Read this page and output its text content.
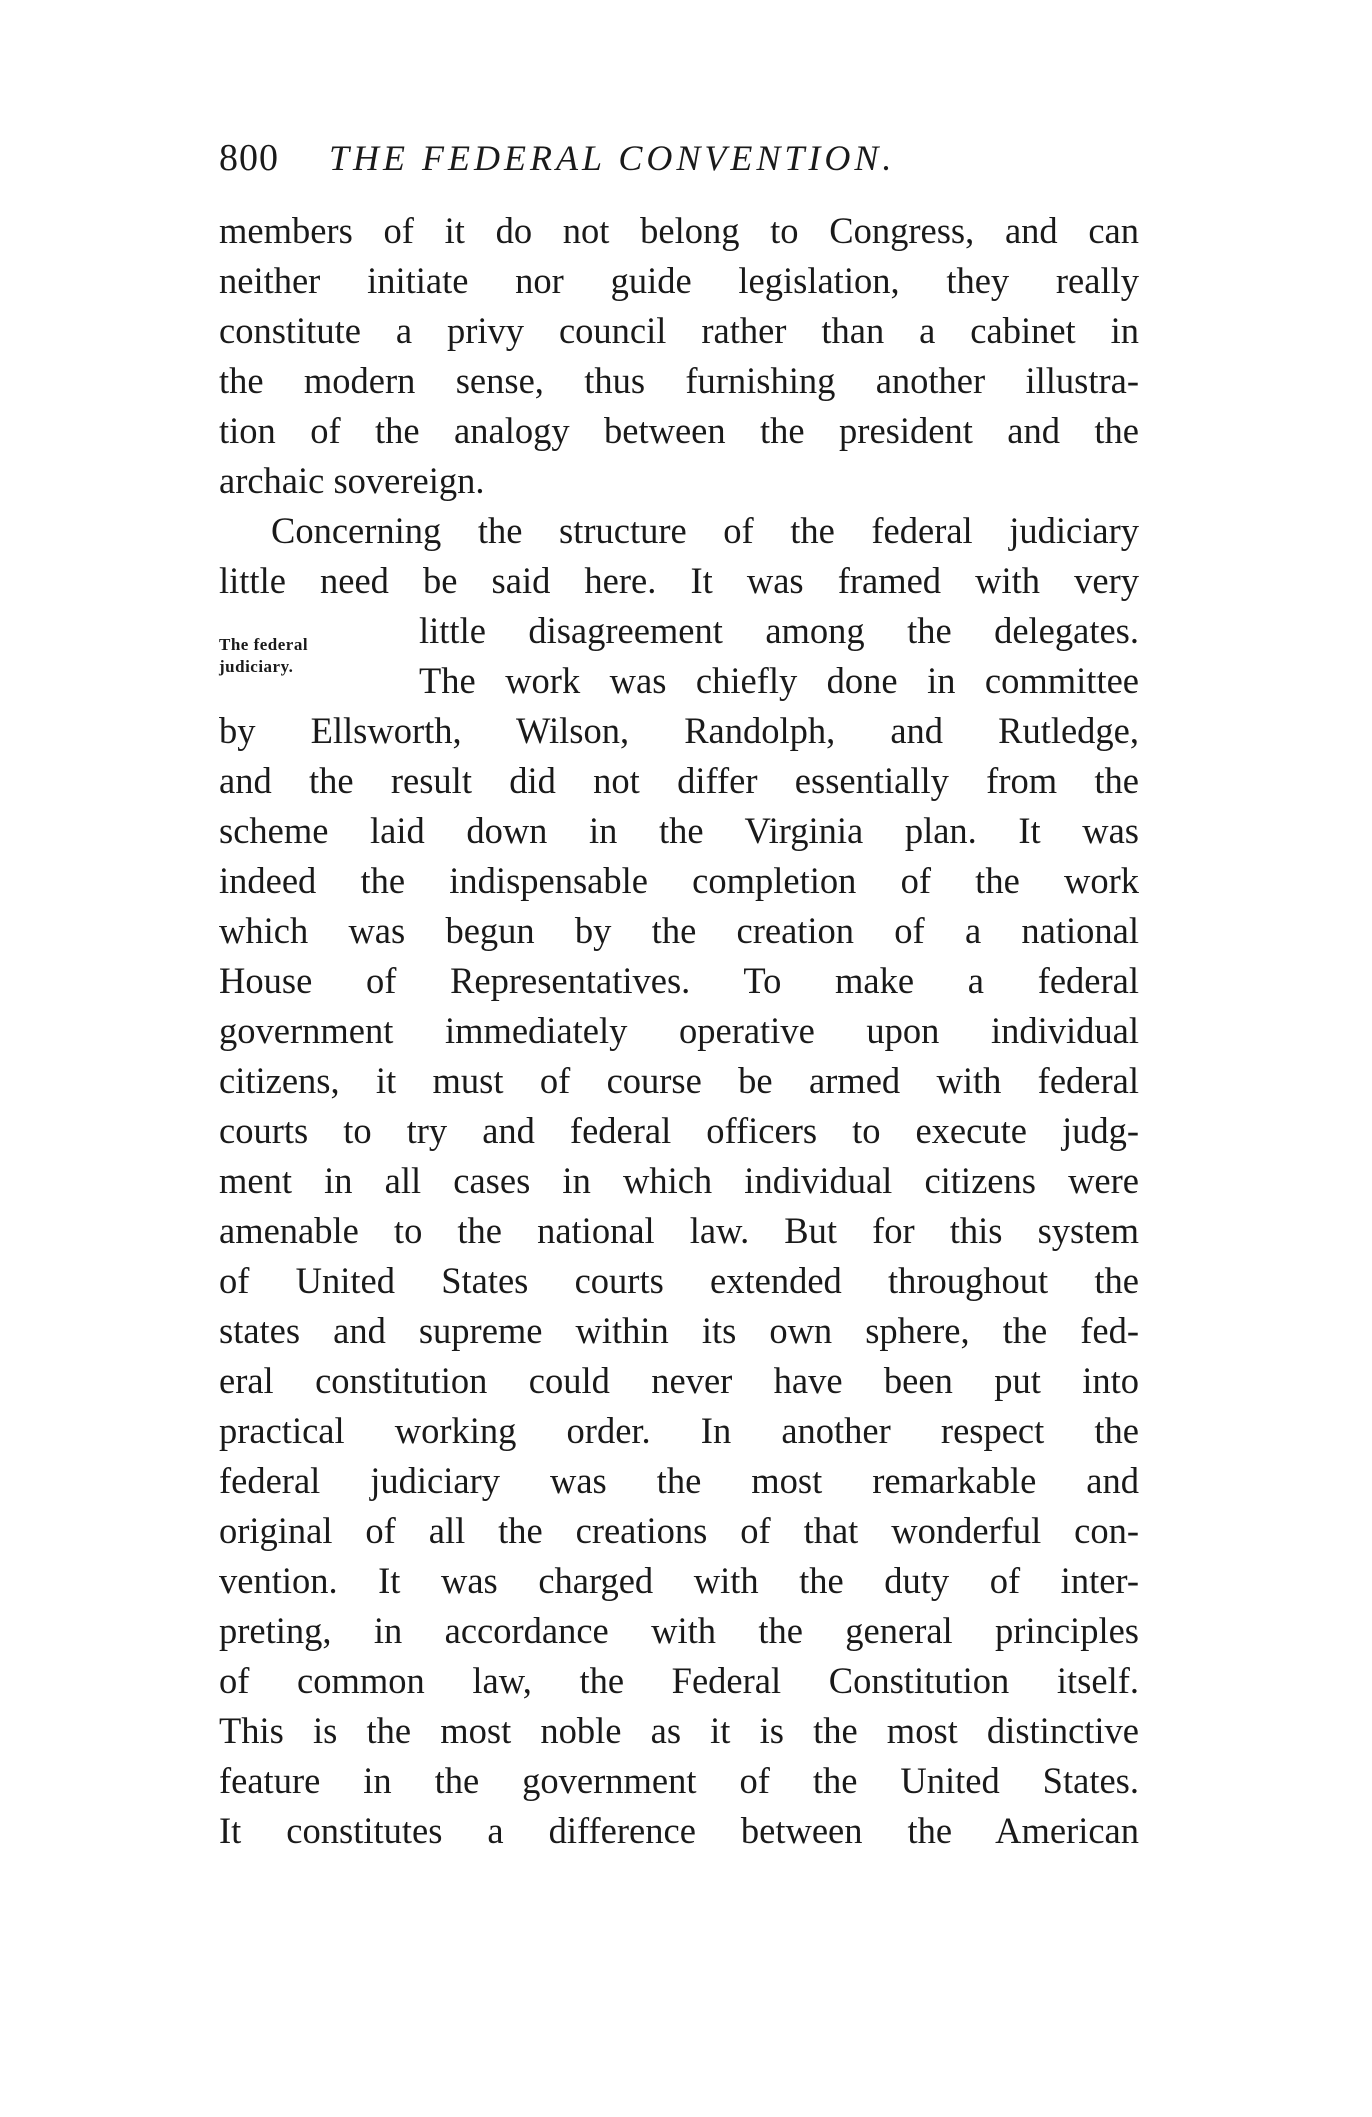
800 THE FEDERAL CONVENTION.
The federal
judiciary.
members of it do not belong to Congress, and can
neither initiate nor guide legislation, they really
constitute a privy council rather than a cabinet in
the modern sense, thus furnishing another illustra-
tion of the analogy between the president and the
archaic sovereign.
Concerning the structure of the federal judiciary
little need be said here. It was framed with very
little disagreement among the delegates.
The work was chiefly done in committee
by Ellsworth, Wilson, Randolph, and Rutledge,
and the result did not differ essentially from the
scheme laid down in the Virginia plan. It was
indeed the indispensable completion of the work
which was begun by the creation of a national
House of Representatives. To make a federal
government immediately operative upon individual
citizens, it must of course be armed with federal
courts to try and federal officers to execute judg-
ment in all cases in which individual citizens were
amenable to the national law. But for this system
of United States courts extended throughout the
states and supreme within its own sphere, the fed-
eral constitution could never have been put into
practical working order. In another respect the
federal judiciary was the most remarkable and
original of all the creations of that wonderful con-
vention. It was charged with the duty of inter-
preting, in accordance with the general principles
of common law, the Federal Constitution itself.
This is the most noble as it is the most distinctive
feature in the government of the United States.
It constitutes a difference between the American
